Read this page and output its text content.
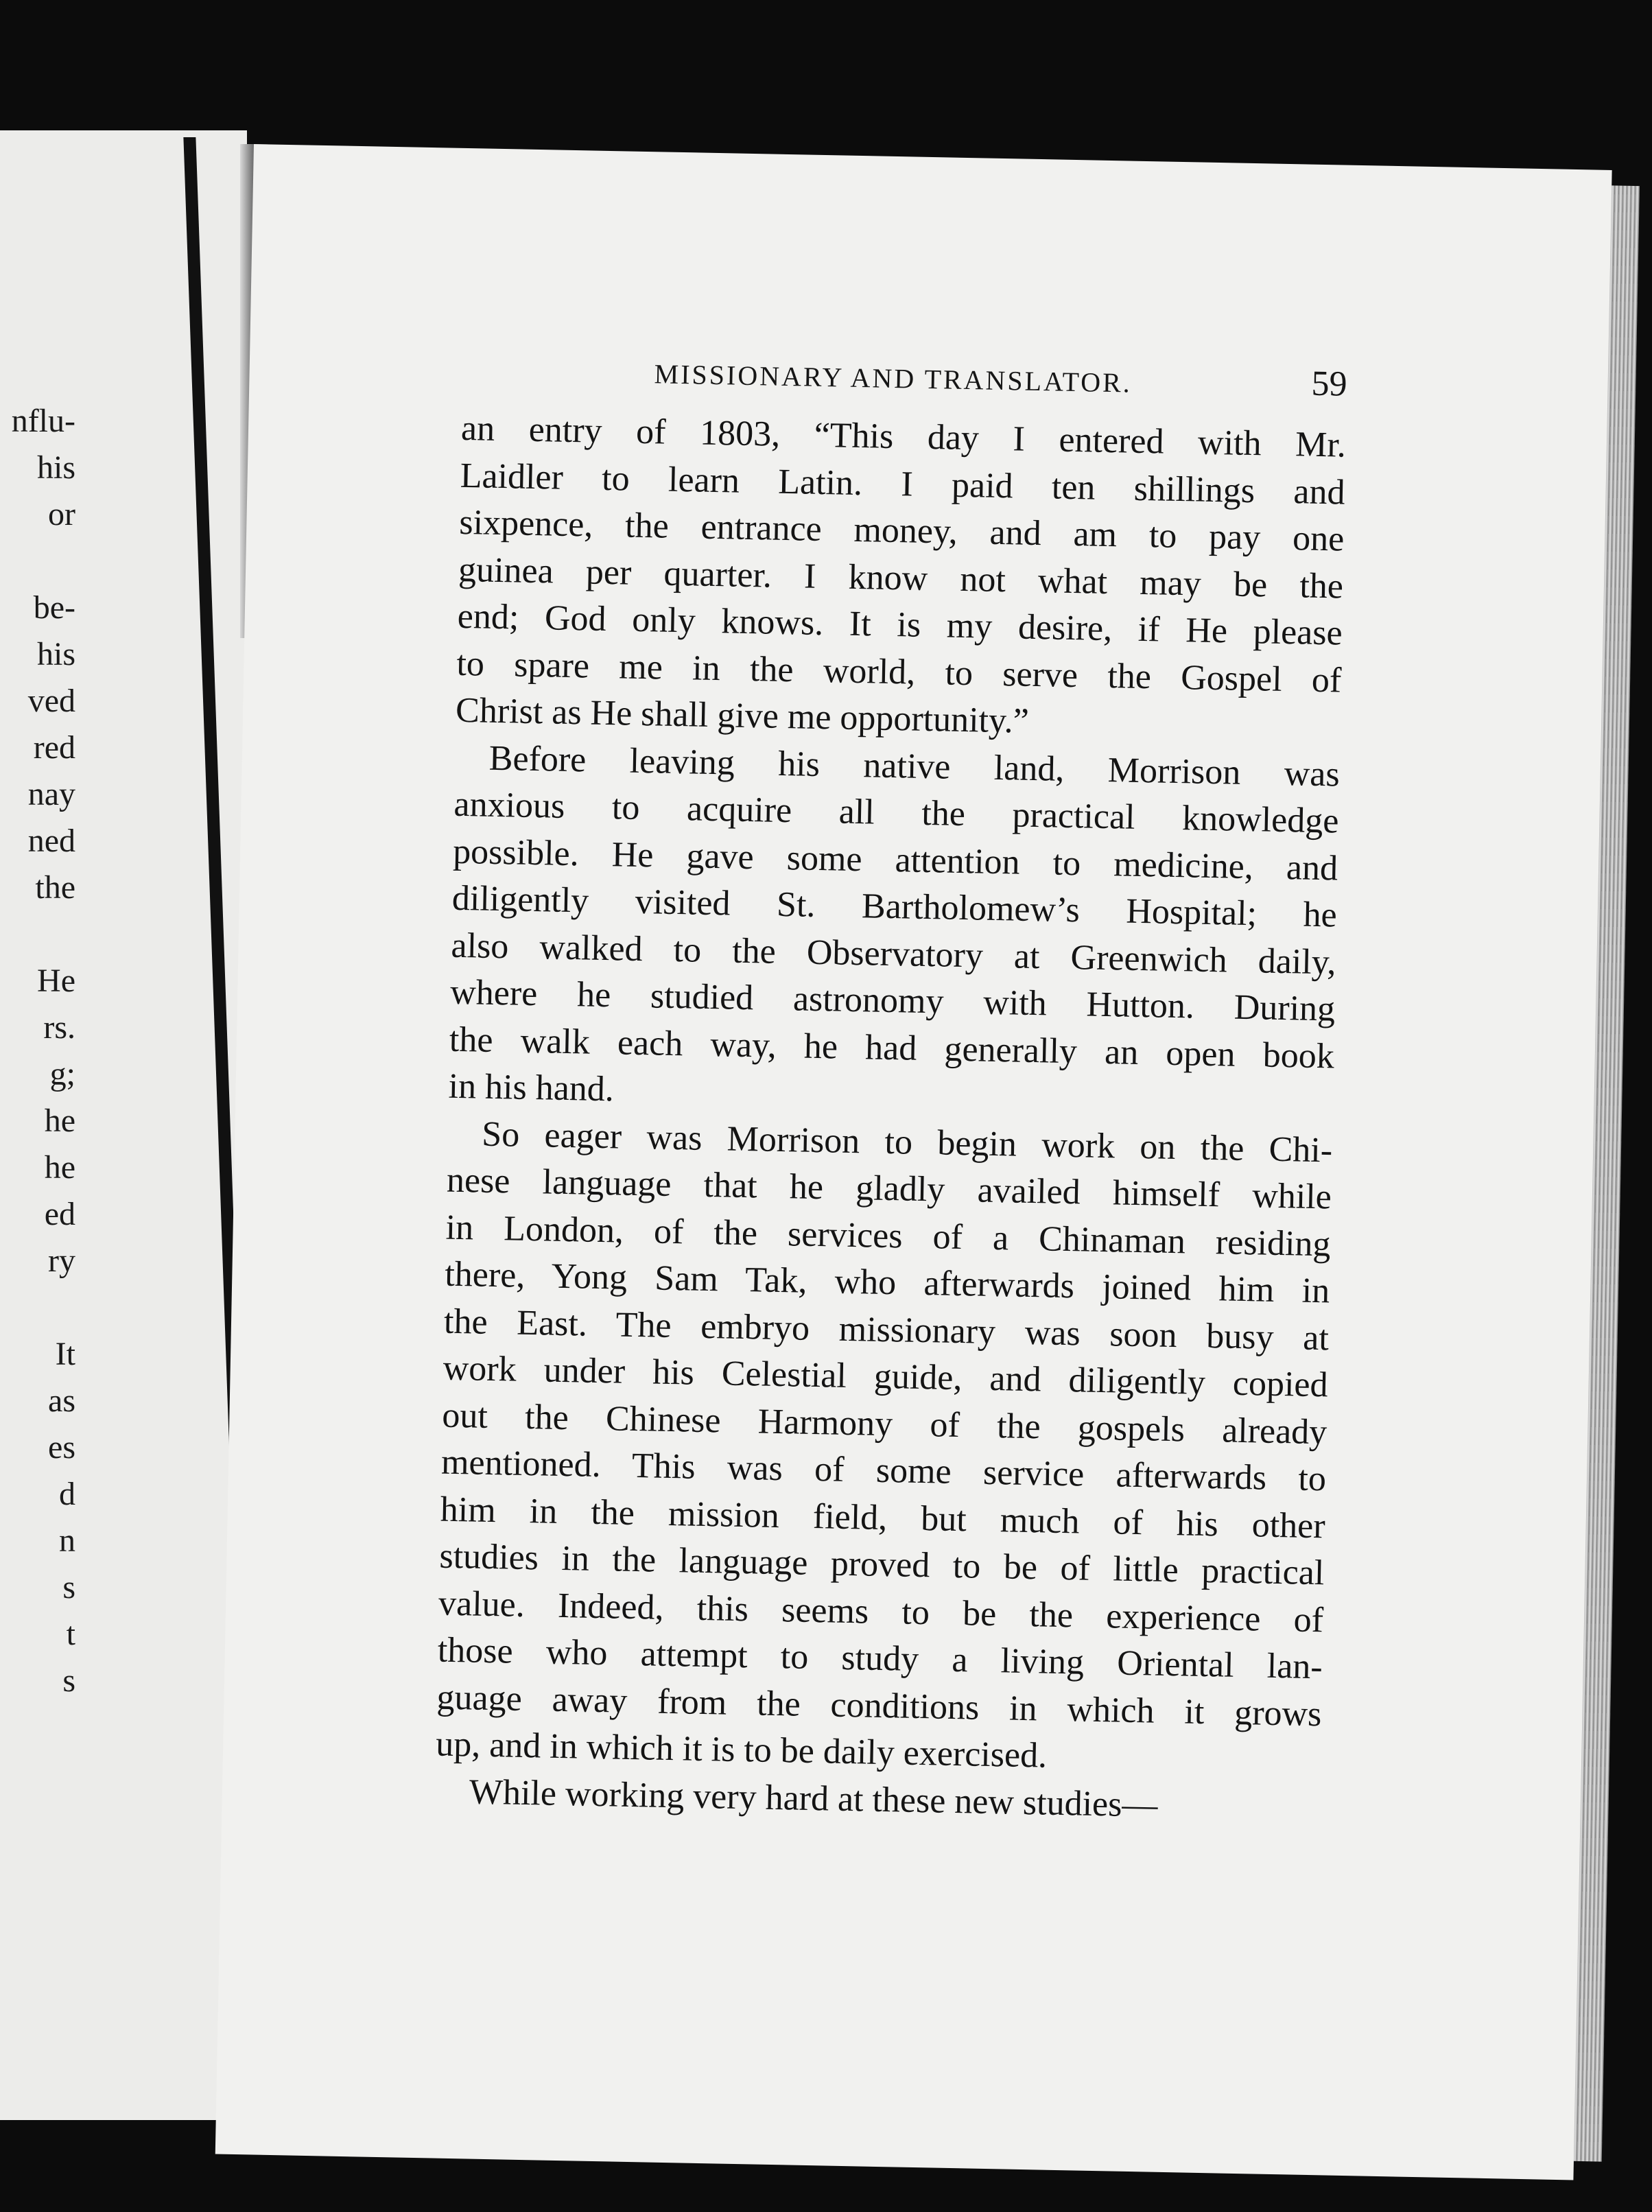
nflu-
his
or

be-
his
ved
red
nay
ned
the

He
rs.
g;
he
he
ed
ry

It
as
es
d
n
s
t
s
MISSIONARY AND TRANSLATOR.	59
an entry of 1803, “This day I entered with Mr.
Laidler to learn Latin. I paid ten shillings and
sixpence, the entrance money, and am to pay one
guinea per quarter. I know not what may be the
end; God only knows. It is my desire, if He please
to spare me in the world, to serve the Gospel of
Christ as He shall give me opportunity.”
Before leaving his native land, Morrison was
anxious to acquire all the practical knowledge
possible. He gave some attention to medicine, and
diligently visited St. Bartholomew’s Hospital; he
also walked to the Observatory at Greenwich daily,
where he studied astronomy with Hutton. During
the walk each way, he had generally an open book
in his hand.
So eager was Morrison to begin work on the Chi-
nese language that he gladly availed himself while
in London, of the services of a Chinaman residing
there, Yong Sam Tak, who afterwards joined him in
the East. The embryo missionary was soon busy at
work under his Celestial guide, and diligently copied
out the Chinese Harmony of the gospels already
mentioned. This was of some service afterwards to
him in the mission field, but much of his other
studies in the language proved to be of little practical
value. Indeed, this seems to be the experience of
those who attempt to study a living Oriental lan-
guage away from the conditions in which it grows
up, and in which it is to be daily exercised.
While working very hard at these new studies—
